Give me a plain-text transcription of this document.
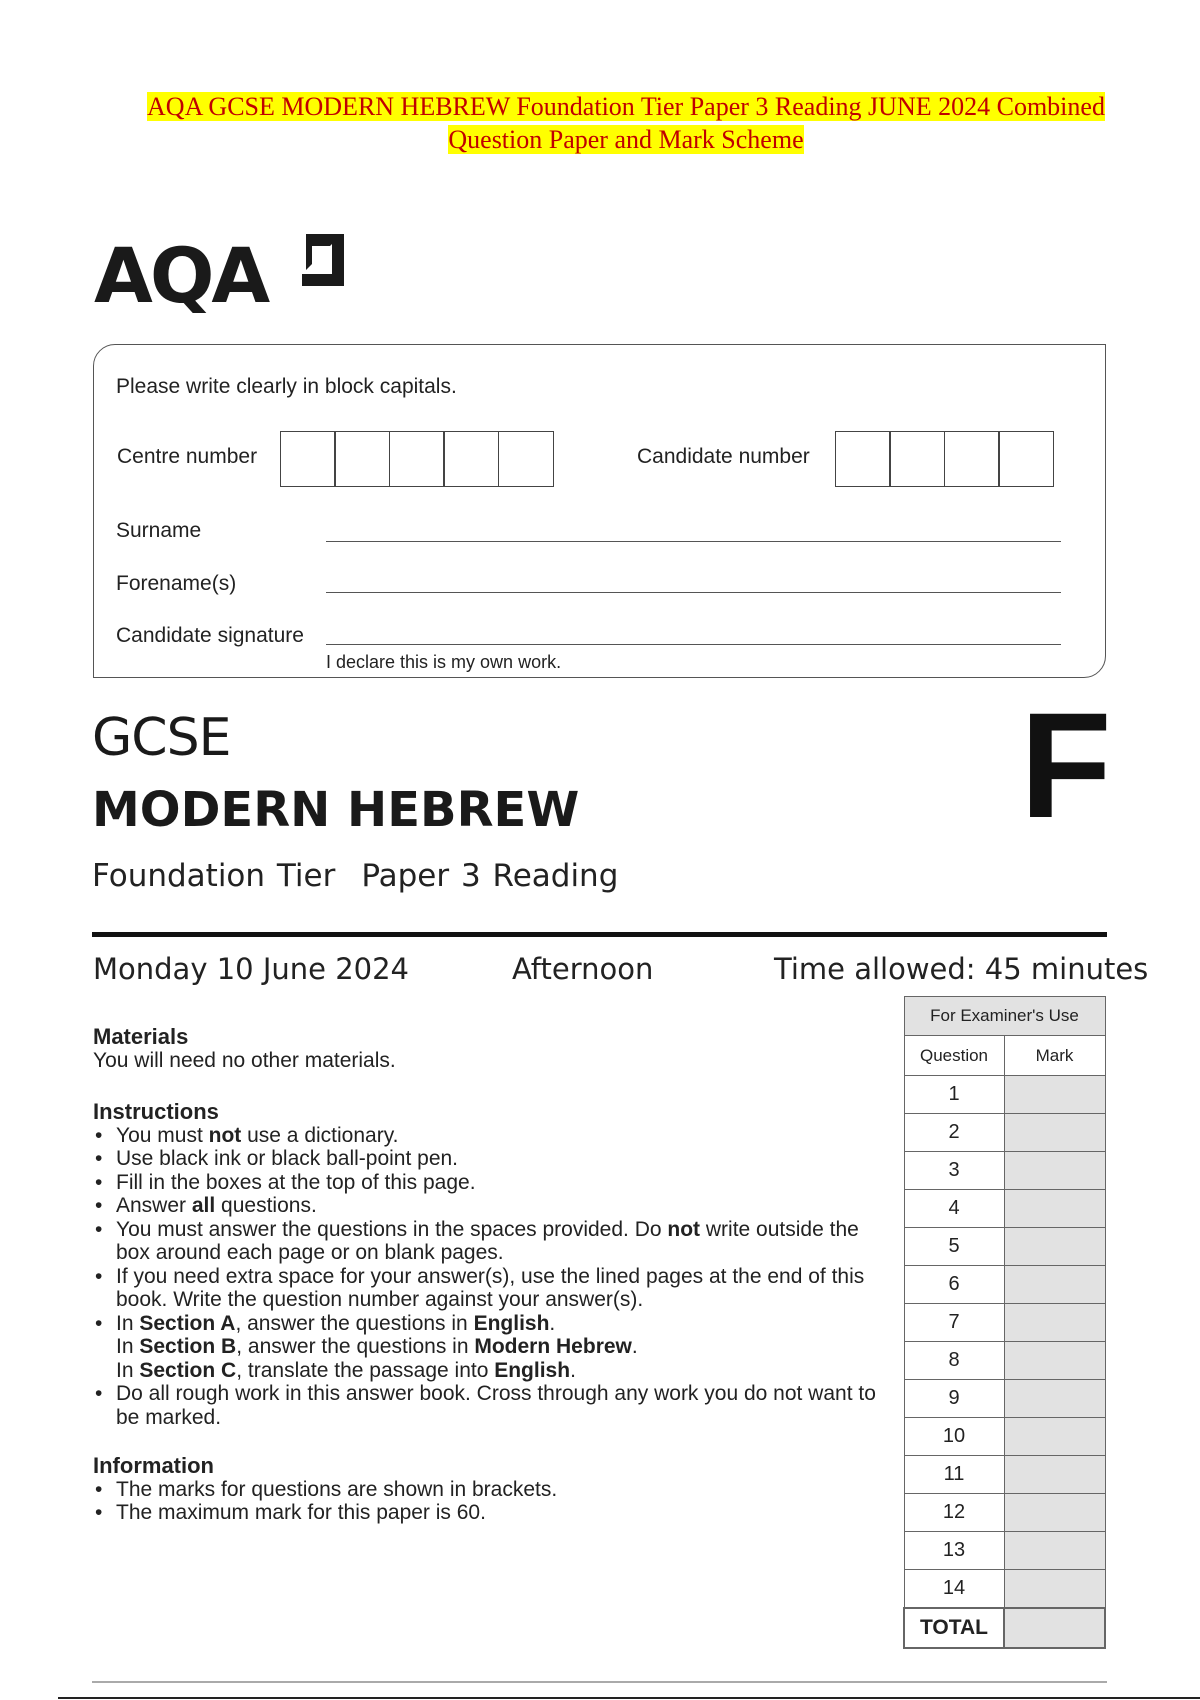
AQA GCSE MODERN HEBREW Foundation Tier Paper 3 Reading JUNE 2024 Combined
Question Paper and Mark Scheme
AQA
Please write clearly in block capitals.
Centre number	Candidate number
Surname
Forename(s)
Candidate signature
I declare this is my own work.
GCSE
MODERN HEBREW
Foundation Tier Paper 3 Reading
F
Monday 10 June 2024	Afternoon	Time allowed: 45 minutes
Materials
You will need no other materials.
Instructions
• You must not use a dictionary.
• Use black ink or black ball-point pen.
• Fill in the boxes at the top of this page.
• Answer all questions.
• You must answer the questions in the spaces provided. Do not write outside the box around each page or on blank pages.
• If you need extra space for your answer(s), use the lined pages at the end of this book. Write the question number against your answer(s).
• In Section A, answer the questions in English.
In Section B, answer the questions in Modern Hebrew.
In Section C, translate the passage into English.
• Do all rough work in this answer book. Cross through any work you do not want to be marked.
Information
• The marks for questions are shown in brackets.
• The maximum mark for this paper is 60.
For Examiner's Use	
Question	Mark
1	
2	
3	
4	
5	
6	
7	
8	
9	
10	
11	
12	
13	
14	
TOTAL	
